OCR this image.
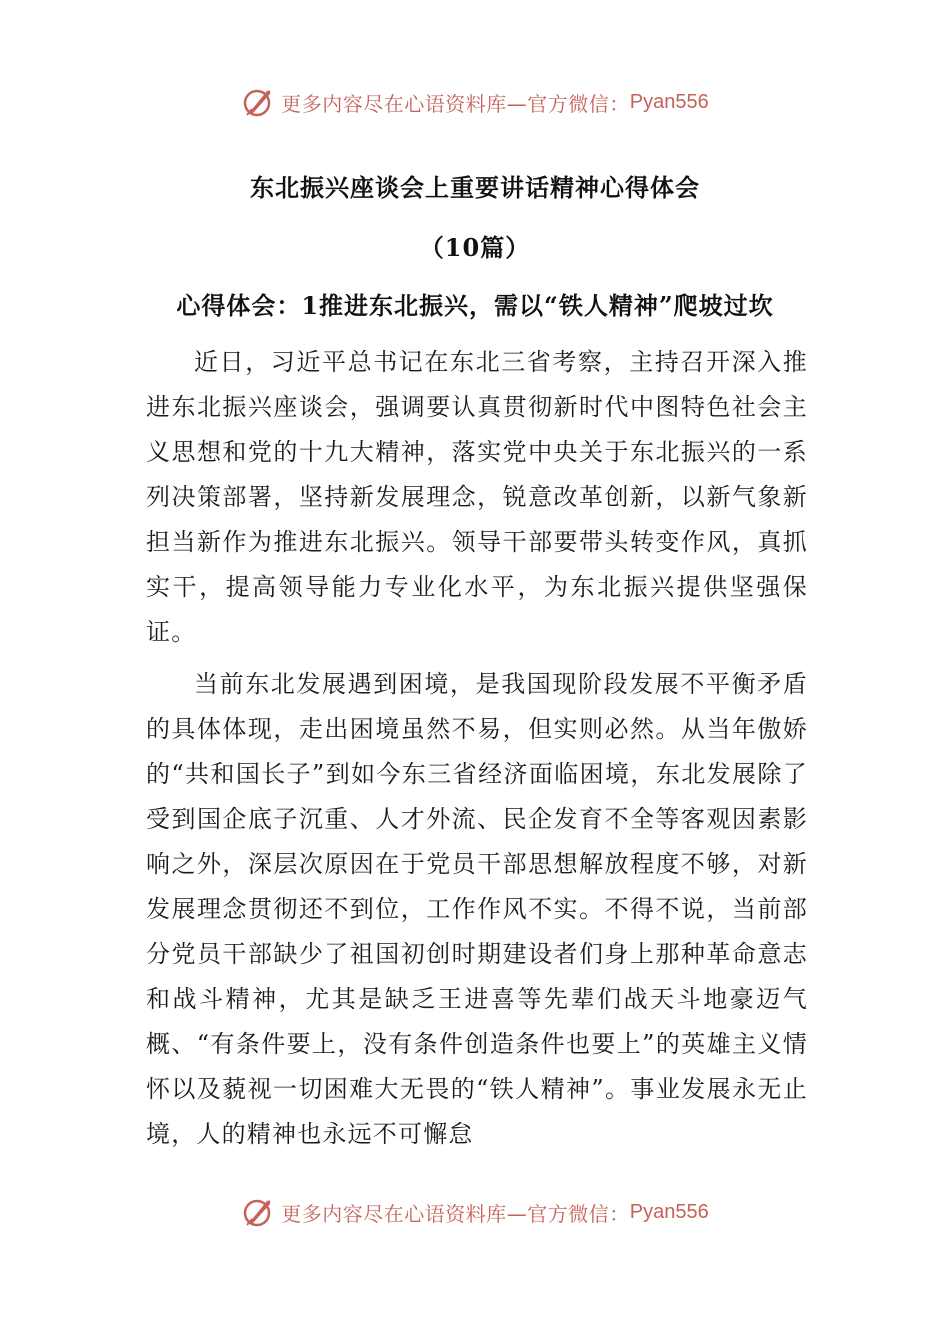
更多内容尽在心语资料库—官方微信： Pyan556
东北振兴座谈会上重要讲话精神心得体会
（10篇）
心得体会：1推进东北振兴，需以“铁人精神”爬坡过坎

近日，习近平总书记在东北三省考察，主持召开深入推进东北振兴座谈会，强调要认真贯彻新时代中图特色社会主义思想和党的十九大精神，落实党中央关于东北振兴的一系列决策部署，坚持新发展理念，锐意改革创新，以新气象新担当新作为推进东北振兴。领导干部要带头转变作风，真抓实干，提高领导能力专业化水平，为东北振兴提供坚强保证。

当前东北发展遇到困境，是我国现阶段发展不平衡矛盾的具体体现，走出困境虽然不易，但实则必然。从当年傲娇的“共和国长子”到如今东三省经济面临困境，东北发展除了受到国企底子沉重、人才外流、民企发育不全等客观因素影响之外，深层次原因在于党员干部思想解放程度不够，对新发展理念贯彻还不到位，工作作风不实。不得不说，当前部分党员干部缺少了祖国初创时期建设者们身上那种革命意志和战斗精神，尤其是缺乏王进喜等先辈们战天斗地豪迈气概、“有条件要上，没有条件创造条件也要上”的英雄主义情怀以及藐视一切困难大无畏的“铁人精神”。事业发展永无止境，人的精神也永远不可懈怠

更多内容尽在心语资料库—官方微信： Pyan556
